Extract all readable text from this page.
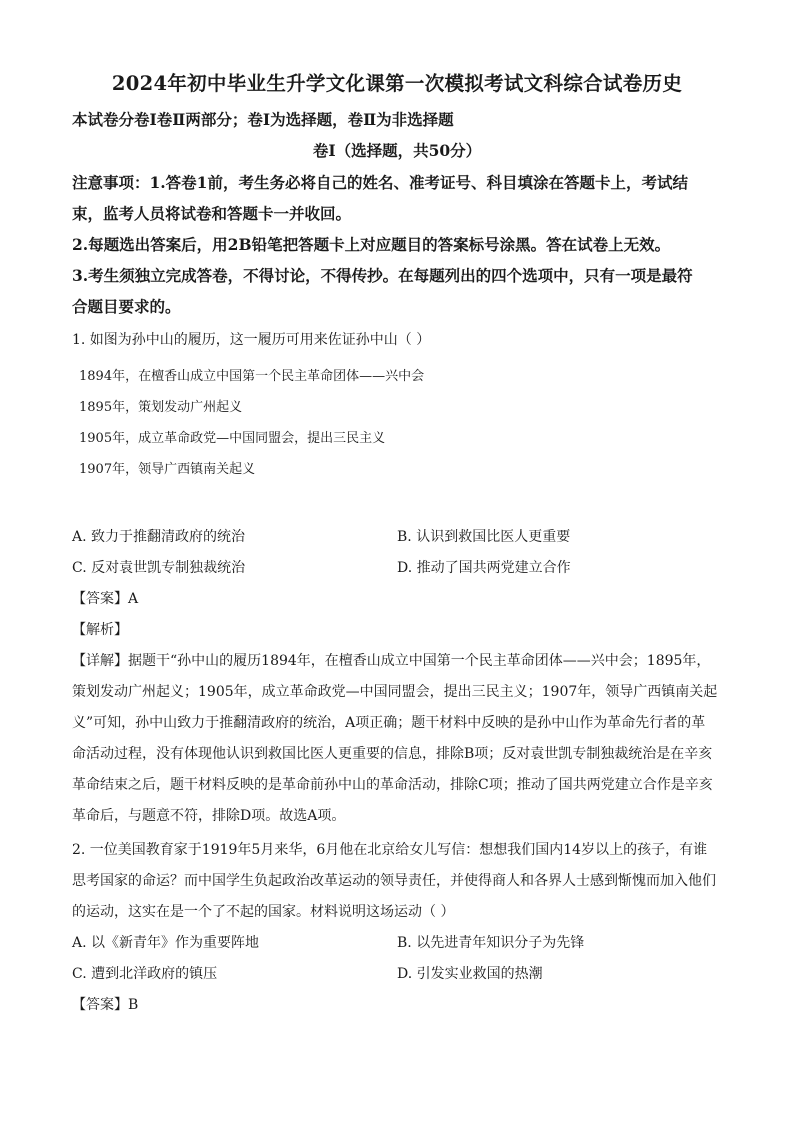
2024年初中毕业生升学文化课第一次模拟考试文科综合试卷历史
本试卷分卷Ⅰ卷Ⅱ两部分；卷Ⅰ为选择题，卷Ⅱ为非选择题
卷Ⅰ（选择题，共50分）
注意事项：1.答卷1前，考生务必将自己的姓名、准考证号、科目填涂在答题卡上，考试结
束，监考人员将试卷和答题卡一并收回。
2.每题选出答案后，用2B铅笔把答题卡上对应题目的答案标号涂黑。答在试卷上无效。
3.考生须独立完成答卷，不得讨论，不得传抄。在每题列出的四个选项中，只有一项是最符
合题目要求的。
1. 如图为孙中山的履历，这一履历可用来佐证孙中山（ ）
1894年，在檀香山成立中国第一个民主革命团体——兴中会
1895年，策划发动广州起义
1905年，成立革命政党—中国同盟会，提出三民主义
1907年，领导广西镇南关起义
A. 致力于推翻清政府的统治	B. 认识到救国比医人更重要
C. 反对袁世凯专制独裁统治	D. 推动了国共两党建立合作
【答案】A
【解析】
【详解】据题干“孙中山的履历1894年，在檀香山成立中国第一个民主革命团体——兴中会；1895年，
策划发动广州起义；1905年，成立革命政党—中国同盟会，提出三民主义；1907年，领导广西镇南关起
义”可知，孙中山致力于推翻清政府的统治，A项正确；题干材料中反映的是孙中山作为革命先行者的革
命活动过程，没有体现他认识到救国比医人更重要的信息，排除B项；反对袁世凯专制独裁统治是在辛亥
革命结束之后，题干材料反映的是革命前孙中山的革命活动，排除C项；推动了国共两党建立合作是辛亥
革命后，与题意不符，排除D项。故选A项。
2. 一位美国教育家于1919年5月来华，6月他在北京给女儿写信：想想我们国内14岁以上的孩子，有谁
思考国家的命运？而中国学生负起政治改革运动的领导责任，并使得商人和各界人士感到惭愧而加入他们
的运动，这实在是一个了不起的国家。材料说明这场运动（ ）
A. 以《新青年》作为重要阵地	B. 以先进青年知识分子为先锋
C. 遭到北洋政府的镇压	D. 引发实业救国的热潮
【答案】B
